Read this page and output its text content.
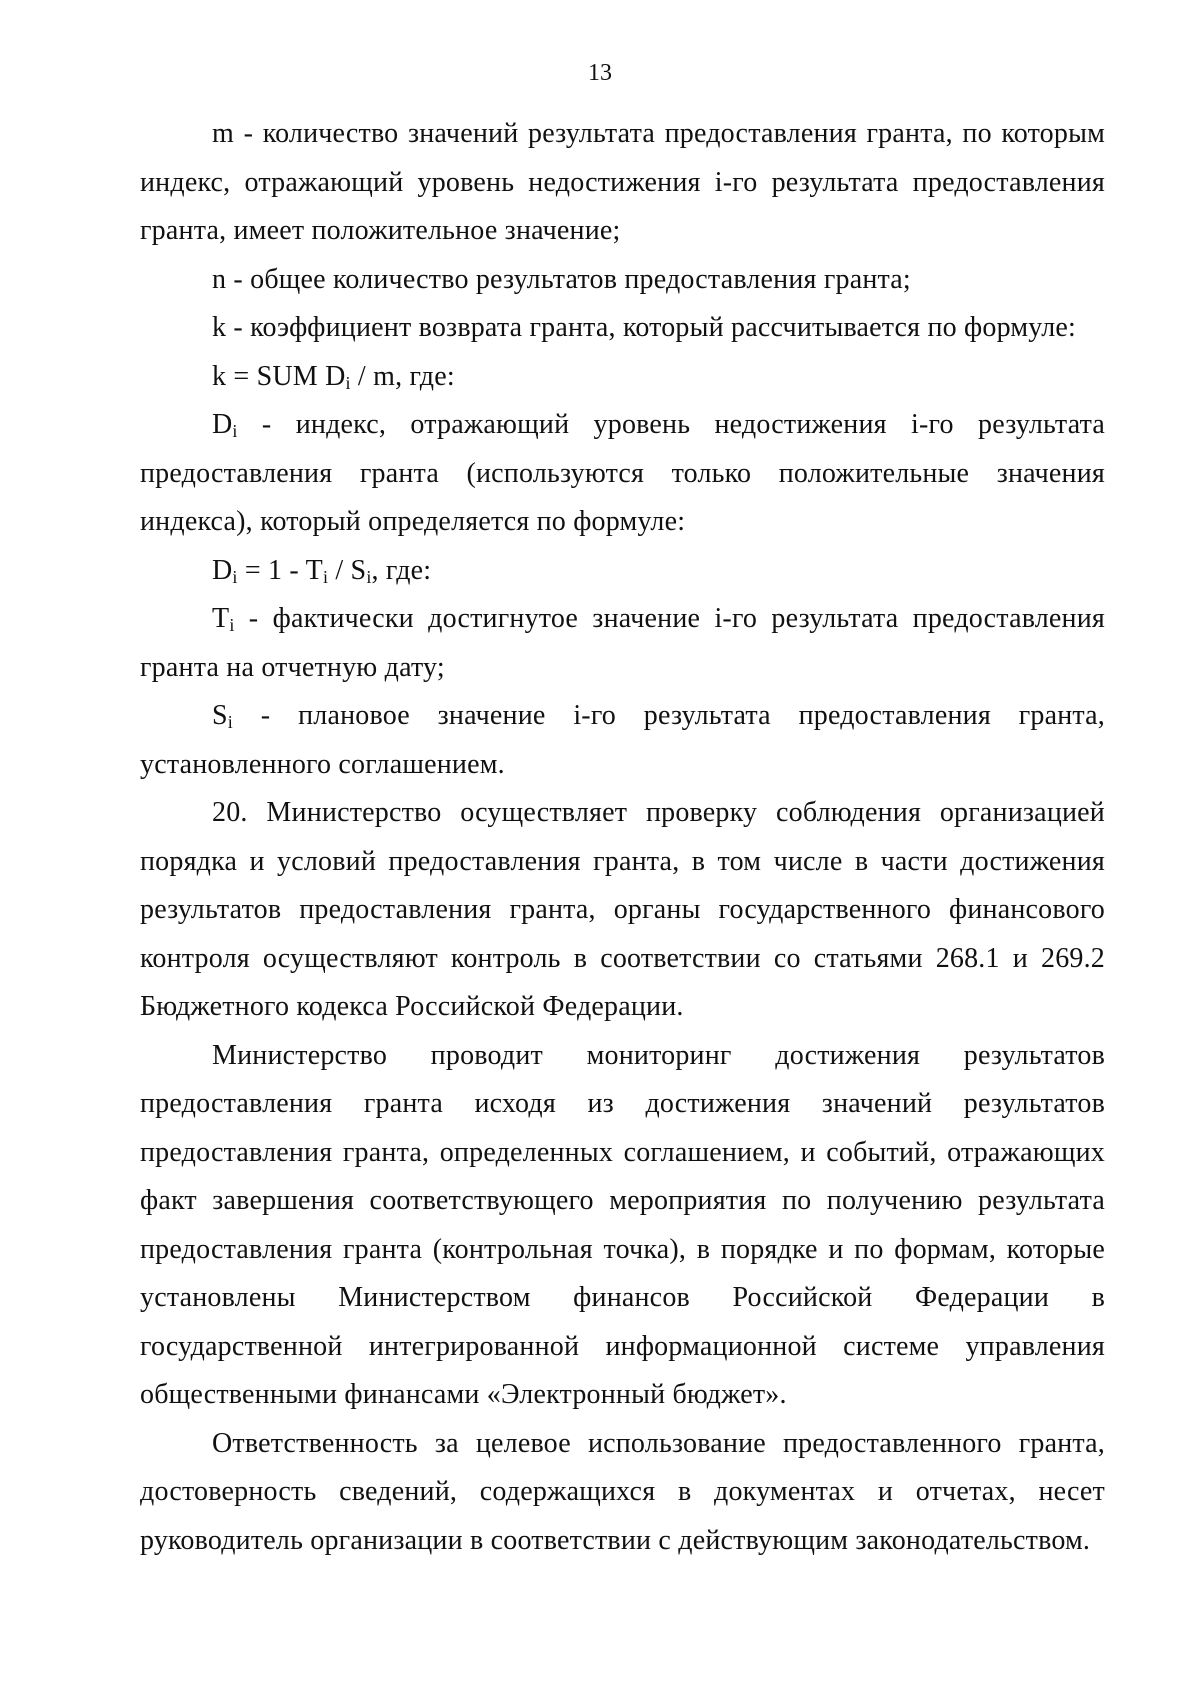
13

m - количество значений результата предоставления гранта, по которым индекс, отражающий уровень недостижения i-го результата предоставления гранта, имеет положительное значение;

n - общее количество результатов предоставления гранта;

k - коэффициент возврата гранта, который рассчитывается по формуле:

k = SUM $D_i$ / m, где:

$D_i$ - индекс, отражающий уровень недостижения i-го результата предоставления гранта (используются только положительные значения индекса), который определяется по формуле:

$D_i = 1 - T_i / S_i$, где:

$T_i$ - фактически достигнутое значение i-го результата предоставления гранта на отчетную дату;

$S_i$ - плановое значение i-го результата предоставления гранта, установленного соглашением.

20. Министерство осуществляет проверку соблюдения организацией порядка и условий предоставления гранта, в том числе в части достижения результатов предоставления гранта, органы государственного финансового контроля осуществляют контроль в соответствии со статьями 268.1 и 269.2 Бюджетного кодекса Российской Федерации.

Министерство проводит мониторинг достижения результатов предоставления гранта исходя из достижения значений результатов предоставления гранта, определенных соглашением, и событий, отражающих факт завершения соответствующего мероприятия по получению результата предоставления гранта (контрольная точка), в порядке и по формам, которые установлены Министерством финансов Российской Федерации в государственной интегрированной информационной системе управления общественными финансами «Электронный бюджет».

Ответственность за целевое использование предоставленного гранта, достоверность сведений, содержащихся в документах и отчетах, несет руководитель организации в соответствии с действующим законодательством.
